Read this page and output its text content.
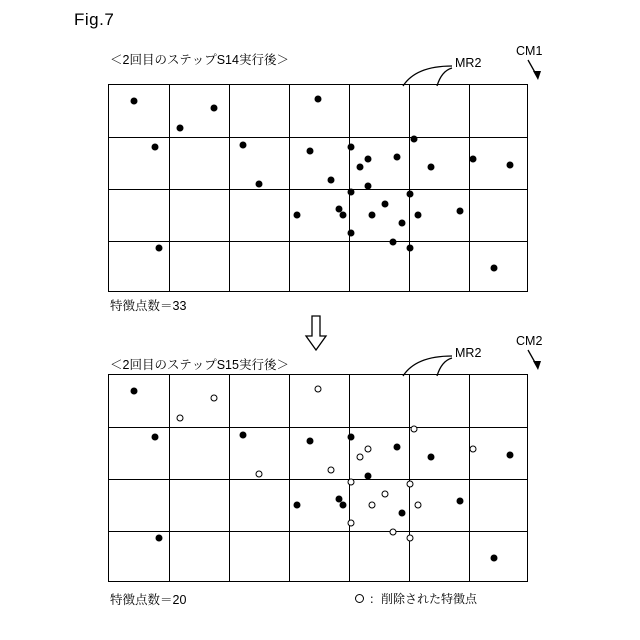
Fig.7
＜2回目のステップS14実行後＞
CM1
MR2
特徴点数＝33
＜2回目のステップS15実行後＞
CM2
MR2
特徴点数＝20	：削除された特徴点
